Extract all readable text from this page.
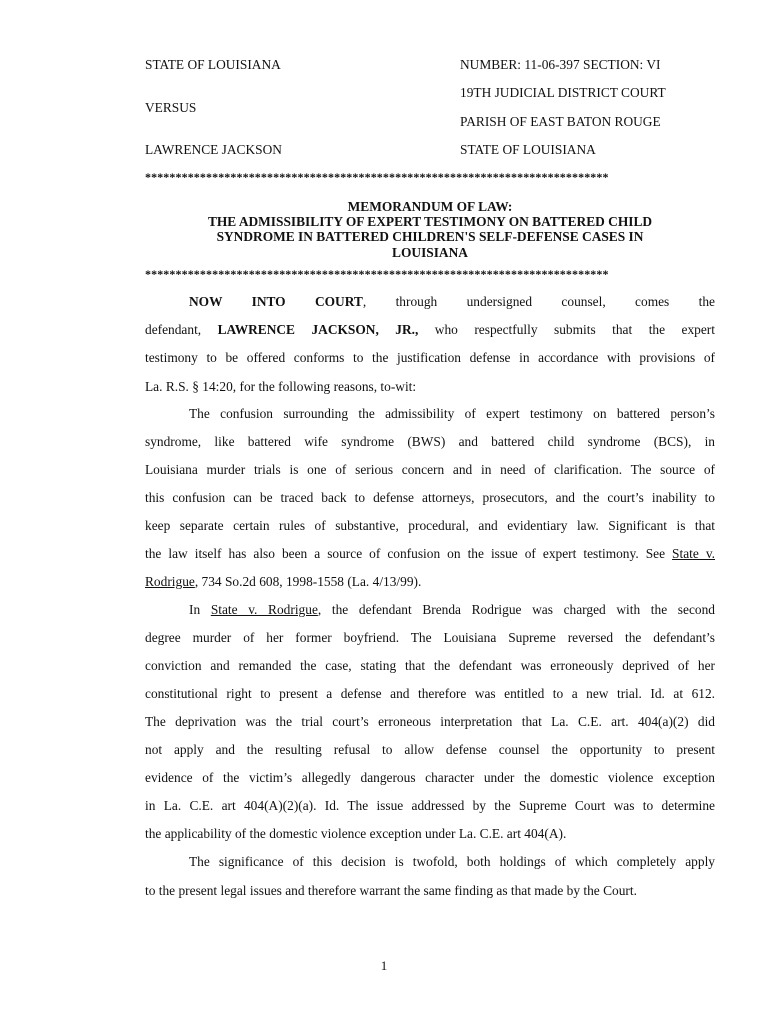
STATE OF LOUISIANA
VERSUS
LAWRENCE JACKSON
NUMBER: 11-06-397 SECTION: VI
19TH JUDICIAL DISTRICT COURT
PARISH OF EAST BATON ROUGE
STATE OF LOUISIANA
****************************************************************************
MEMORANDUM OF LAW:
THE ADMISSIBILITY OF EXPERT TESTIMONY ON BATTERED CHILD
SYNDROME IN BATTERED CHILDREN'S SELF-DEFENSE CASES IN
LOUISIANA
****************************************************************************
NOW INTO COURT, through undersigned counsel, comes the
defendant, LAWRENCE JACKSON, JR., who respectfully submits that the expert
testimony to be offered conforms to the justification defense in accordance with provisions of
La. R.S. § 14:20, for the following reasons, to-wit:
The confusion surrounding the admissibility of expert testimony on battered person’s
syndrome, like battered wife syndrome (BWS) and battered child syndrome (BCS), in
Louisiana murder trials is one of serious concern and in need of clarification. The source of
this confusion can be traced back to defense attorneys, prosecutors, and the court’s inability to
keep separate certain rules of substantive, procedural, and evidentiary law. Significant is that
the law itself has also been a source of confusion on the issue of expert testimony. See State v.
Rodrigue, 734 So.2d 608, 1998-1558 (La. 4/13/99).
In State v. Rodrigue, the defendant Brenda Rodrigue was charged with the second
degree murder of her former boyfriend. The Louisiana Supreme reversed the defendant’s
conviction and remanded the case, stating that the defendant was erroneously deprived of her
constitutional right to present a defense and therefore was entitled to a new trial. Id. at 612.
The deprivation was the trial court’s erroneous interpretation that La. C.E. art. 404(a)(2) did
not apply and the resulting refusal to allow defense counsel the opportunity to present
evidence of the victim’s allegedly dangerous character under the domestic violence exception
in La. C.E. art 404(A)(2)(a). Id. The issue addressed by the Supreme Court was to determine
the applicability of the domestic violence exception under La. C.E. art 404(A).
The significance of this decision is twofold, both holdings of which completely apply
to the present legal issues and therefore warrant the same finding as that made by the Court.
1
